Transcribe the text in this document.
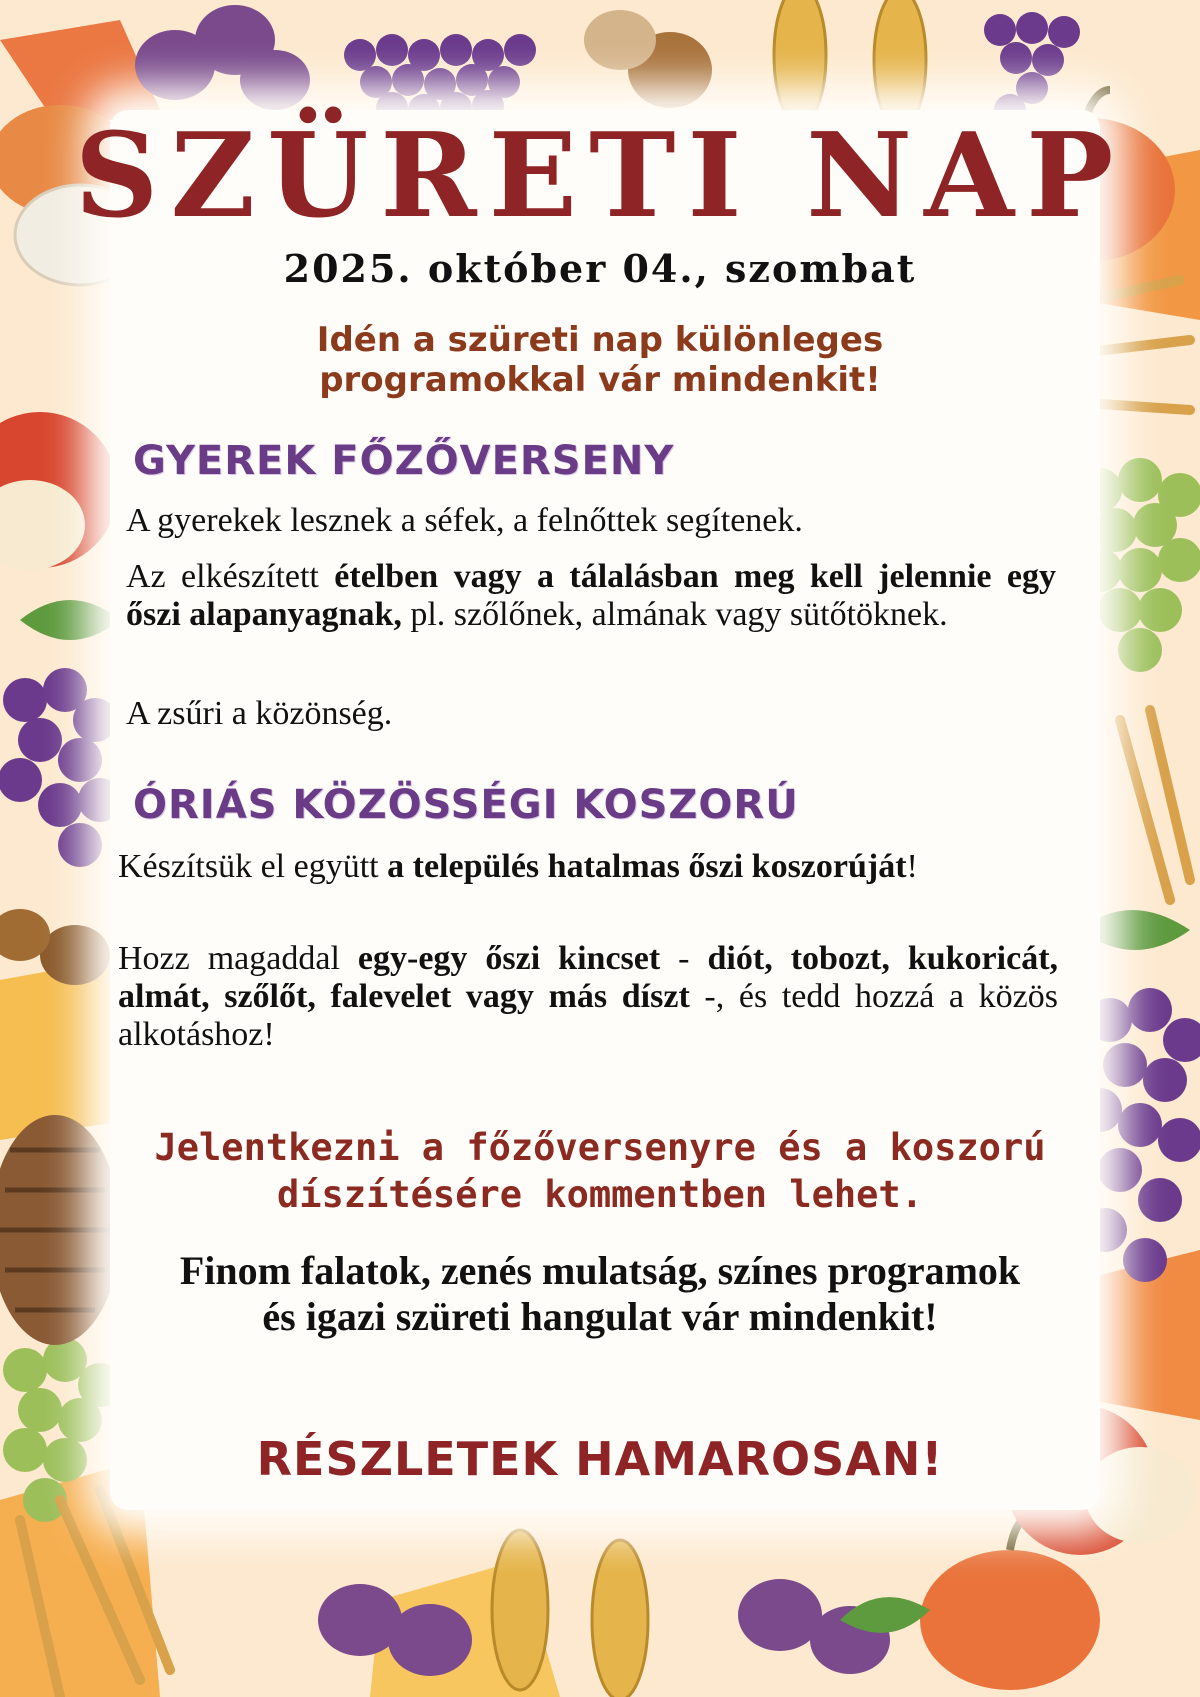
SZÜRETI NAP
2025. október 04., szombat
Idén a szüreti nap különleges programokkal vár mindenkit!
GYEREK FŐZŐVERSENY
A gyerekek lesznek a séfek, a felnőttek segítenek.
Az elkészített ételben vagy a tálalásban meg kell jelennie egy őszi alapanyagnak, pl. szőlőnek, almának vagy sütőtöknek.
A zsűri a közönség.
ÓRIÁS KÖZÖSSÉGI KOSZORÚ
Készítsük el együtt a település hatalmas őszi koszorúját!
Hozz magaddal egy-egy őszi kincset - diót, tobozt, kukoricát, almát, szőlőt, falevelet vagy más díszt -, és tedd hozzá a közös alkotáshoz!
Jelentkezni a főzőversenyre és a koszorú díszítésére kommentben lehet.
Finom falatok, zenés mulatság, színes programok és igazi szüreti hangulat vár mindenkit!
RÉSZLETEK HAMAROSAN!
